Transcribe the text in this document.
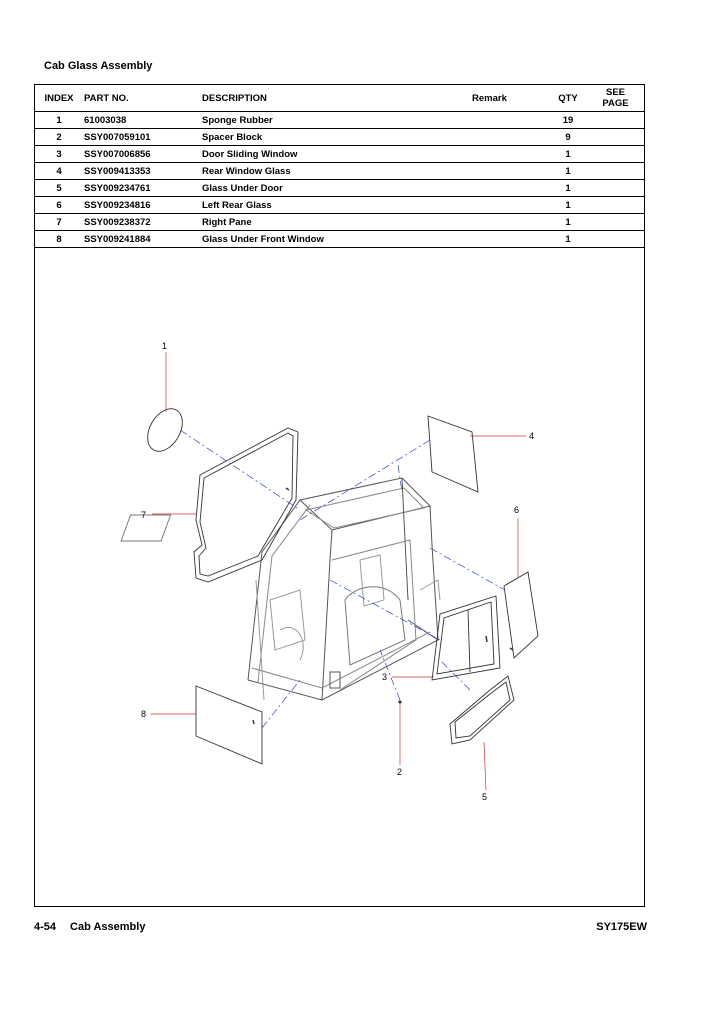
Cab Glass Assembly
INDEX	PART NO.	DESCRIPTION	Remark	QTY	SEE
PAGE
1	61003038	Sponge Rubber		19	
2	SSY007059101	Spacer Block		9	
3	SSY007006856	Door Sliding Window		1	
4	SSY009413353	Rear Window Glass		1	
5	SSY009234761	Glass Under Door		1	
6	SSY009234816	Left Rear Glass		1	
7	SSY009238372	Right Pane		1	
8	SSY009241884	Glass Under Front Window		1	
1
7
4
6
3
8
2
5
4-54 Cab Assembly	SY175EW
